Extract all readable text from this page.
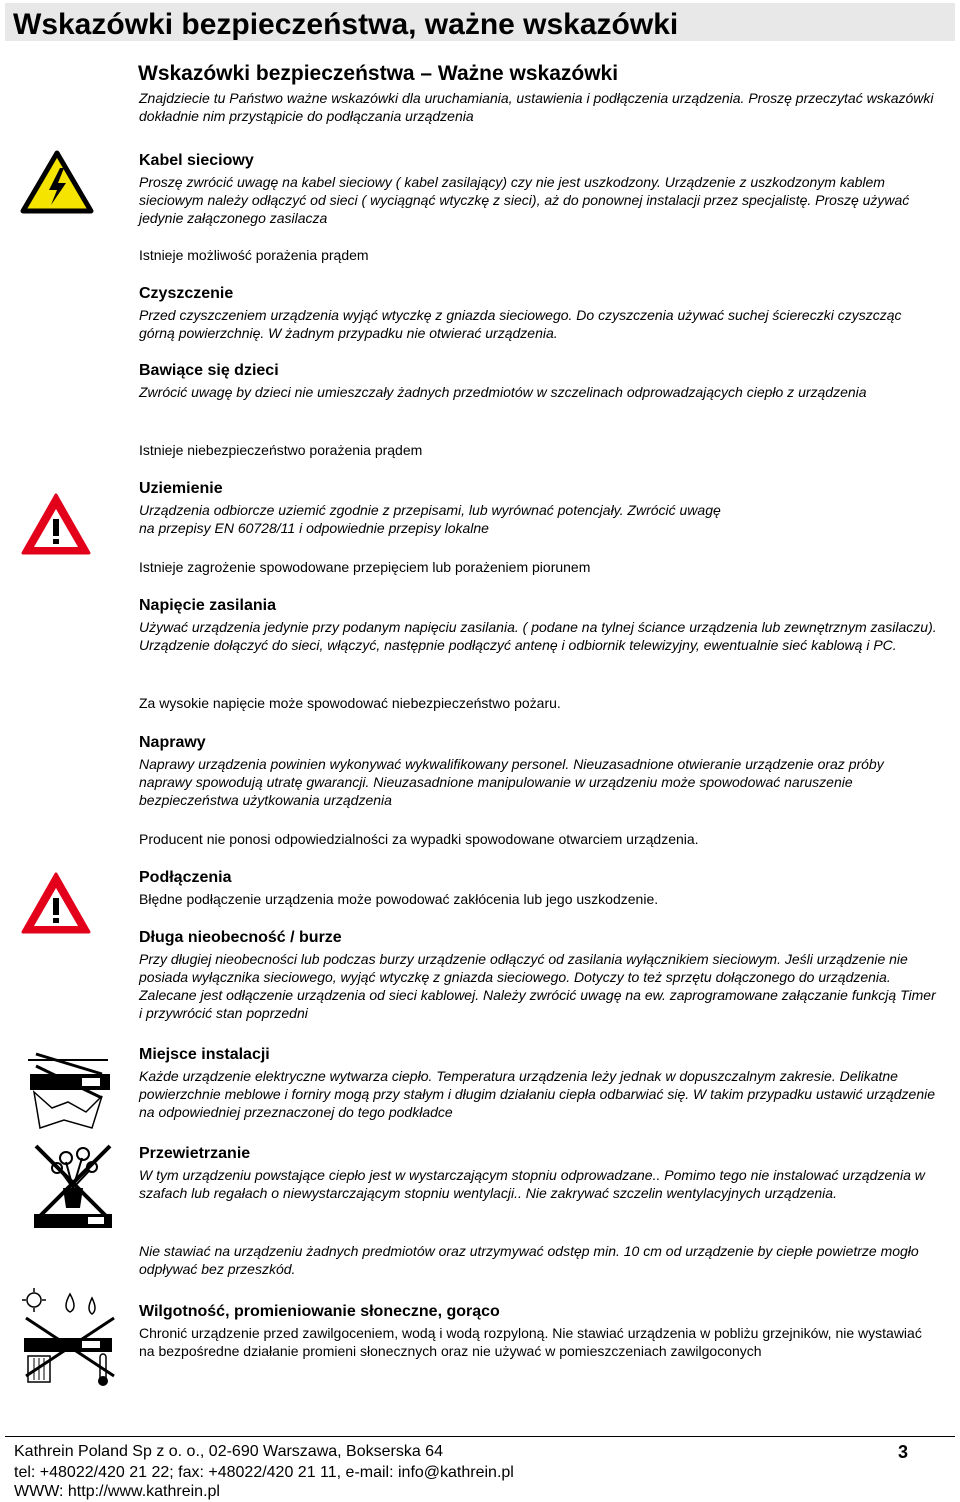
Wskazówki bezpieczeństwa, ważne wskazówki
Wskazówki bezpieczeństwa – Ważne wskazówki

Znajdziecie tu Państwo ważne wskazówki dla uruchamiania, ustawienia i podłączenia urządzenia. Proszę przeczytać wskazówki dokładnie nim przystąpicie do podłączania urządzenia

Kabel sieciowy

Proszę zwrócić uwagę na kabel sieciowy ( kabel zasilający) czy nie jest uszkodzony. Urządzenie z uszkodzonym kablem sieciowym należy odłączyć od sieci ( wyciągnąć wtyczkę z sieci), aż do ponownej instalacji przez specjalistę. Proszę używać jedynie załączonego zasilacza

Istnieje możliwość porażenia prądem

Czyszczenie

Przed czyszczeniem urządzenia wyjąć wtyczkę z gniazda sieciowego. Do czyszczenia używać suchej ściereczki czyszcząc górną powierzchnię. W żadnym przypadku nie otwierać urządzenia.

Bawiące się dzieci

Zwrócić uwagę by dzieci nie umieszczały żadnych przedmiotów w szczelinach odprowadzających ciepło z urządzenia

Istnieje niebezpieczeństwo porażenia prądem

Uziemienie

Urządzenia odbiorcze uziemić zgodnie z przepisami, lub wyrównać potencjały. Zwrócić uwagę na przepisy EN 60728/11 i odpowiednie przepisy lokalne

Istnieje zagrożenie spowodowane przepięciem lub porażeniem piorunem

Napięcie zasilania

Używać urządzenia jedynie przy podanym napięciu zasilania. ( podane na tylnej ściance urządzenia lub zewnętrznym zasilaczu). Urządzenie dołączyć do sieci, włączyć, następnie podłączyć antenę i odbiornik telewizyjny, ewentualnie sieć kablową i PC.

Za wysokie napięcie może spowodować niebezpieczeństwo pożaru.

Naprawy

Naprawy urządzenia powinien wykonywać wykwalifikowany personel. Nieuzasadnione otwieranie urządzenie oraz próby naprawy spowodują utratę gwarancji. Nieuzasadnione manipulowanie w urządzeniu może spowodować naruszenie bezpieczeństwa użytkowania urządzenia

Producent nie ponosi odpowiedzialności za wypadki spowodowane otwarciem urządzenia.

Podłączenia

Błędne podłączenie urządzenia może powodować zakłócenia lub jego uszkodzenie.

Długa nieobecność / burze

Przy długiej nieobecności lub podczas burzy urządzenie odłączyć od zasilania wyłącznikiem sieciowym. Jeśli urządzenie nie posiada wyłącznika sieciowego, wyjąć wtyczkę z gniazda sieciowego. Dotyczy to też sprzętu dołączonego do urządzenia. Zalecane jest odłączenie urządzenia od sieci kablowej. Należy zwrócić uwagę na ew. zaprogramowane załączanie funkcją Timer i przywrócić stan poprzedni

Miejsce instalacji

Każde urządzenie elektryczne wytwarza ciepło. Temperatura urządzenia leży jednak w dopuszczalnym zakresie. Delikatne powierzchnie meblowe i forniry mogą przy stałym i długim działaniu ciepła odbarwiać się. W takim przypadku ustawić urządzenie na odpowiedniej przeznaczonej do tego podkładce

Przewietrzanie

W tym urządzeniu powstające ciepło jest w wystarczającym stopniu odprowadzane.. Pomimo tego nie instalować urządzenia w szafach lub regałach o niewystarczającym stopniu wentylacji.. Nie zakrywać szczelin wentylacyjnych urządzenia.

Nie stawiać na urządzeniu żadnych predmiotów oraz utrzymywać odstęp min. 10 cm od urządzenie by ciepłe powietrze mogło odpływać bez przeszkód.

Wilgotność, promieniowanie słoneczne, gorąco

Chronić urządzenie przed zawilgoceniem, wodą i wodą rozpyloną. Nie stawiać urządzenia w pobliżu grzejników, nie wystawiać na bezpośredne działanie promieni słonecznych oraz nie używać w pomieszczeniach zawilgoconych

Kathrein Poland Sp z o. o., 02-690 Warszawa, Bokserska 64

tel: +48022/420 21 22; fax: +48022/420 21 11, e-mail: info@kathrein.pl

WWW: http://www.kathrein.pl

3
